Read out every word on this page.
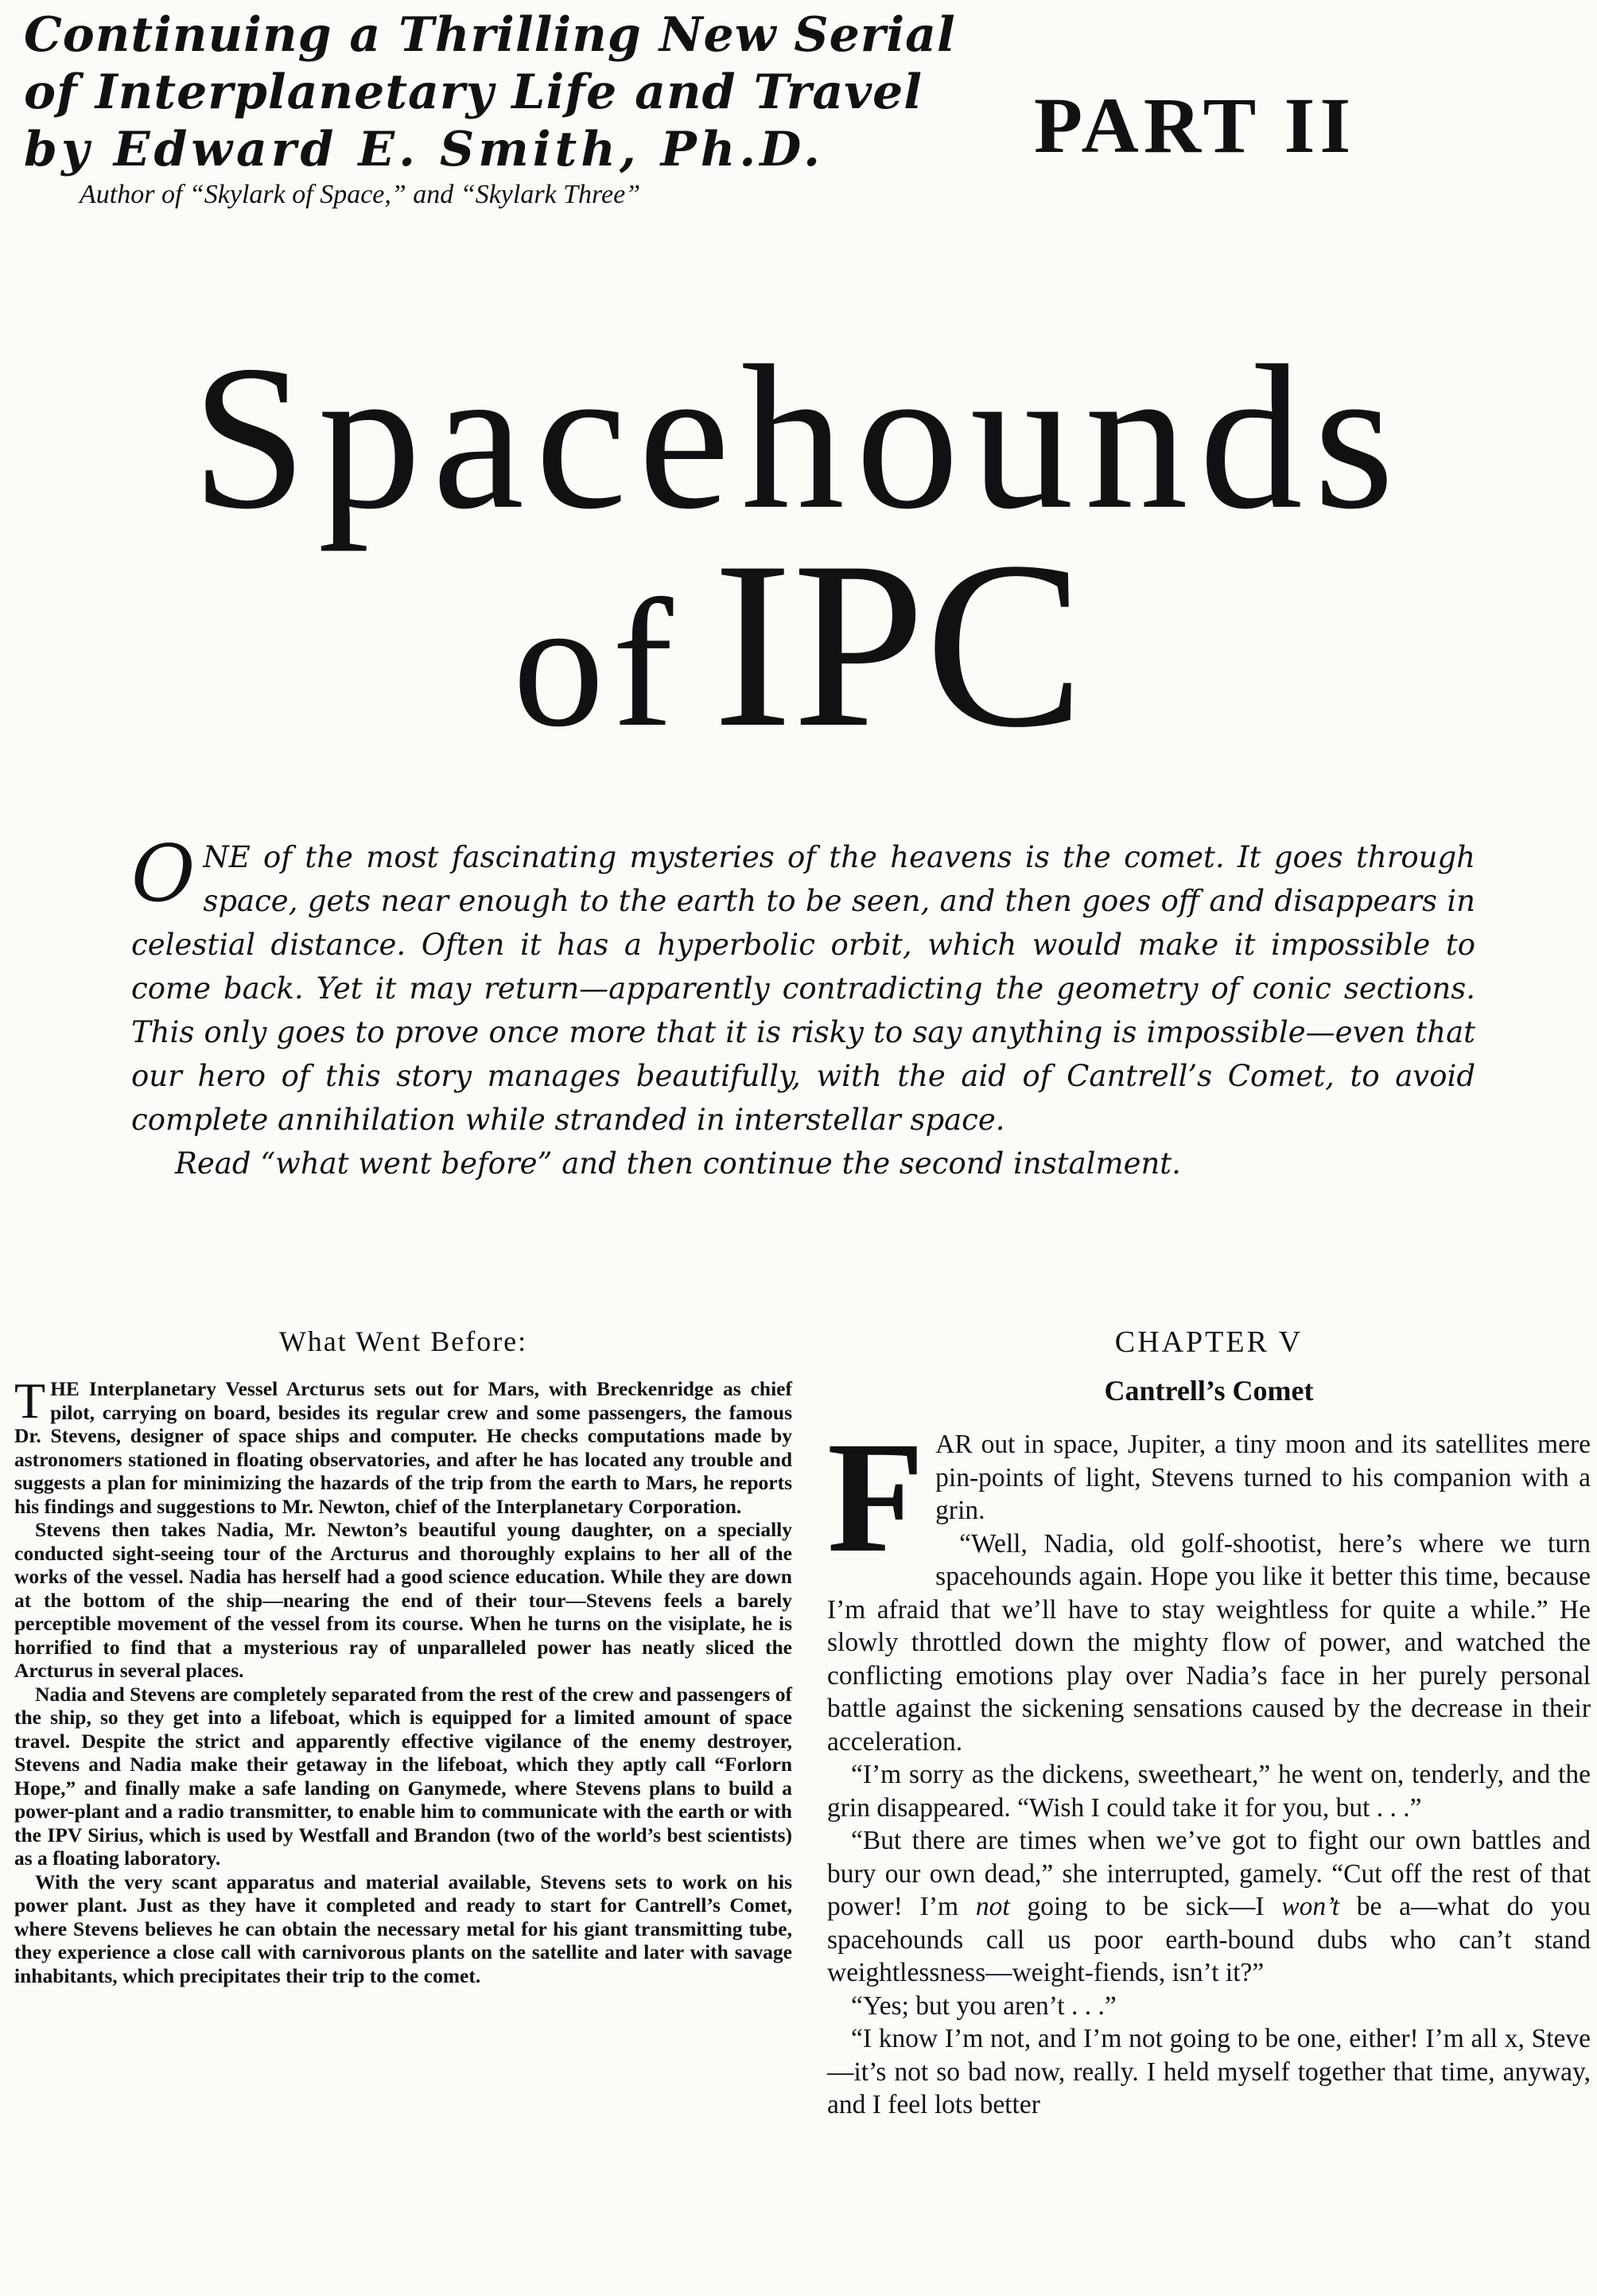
Continuing a Thrilling New Serial
of Interplanetary Life and Travel
by Edward E. Smith, Ph.D.
Author of “Skylark of Space,” and “Skylark Three”
PART II
Spacehounds
of IPC

ONE of the most fascinating mysteries of the heavens is the comet. It goes through space, gets near enough to the earth to be seen, and then goes off and disappears in celestial distance. Often it has a hyperbolic orbit, which would make it impossible to come back. Yet it may return—apparently contradicting the geometry of conic sections. This only goes to prove once more that it is risky to say anything is impossible—even that our hero of this story manages beautifully, with the aid of Cantrell’s Comet, to avoid complete annihilation while stranded in interstellar space.

Read “what went before” and then continue the second instalment.

What Went Before:

THE Interplanetary Vessel Arcturus sets out for Mars, with Breckenridge as chief pilot, carrying on board, besides its regular crew and some passengers, the famous Dr. Stevens, designer of space ships and computer. He checks computations made by astronomers stationed in floating observatories, and after he has located any trouble and suggests a plan for minimizing the hazards of the trip from the earth to Mars, he reports his findings and suggestions to Mr. Newton, chief of the Interplanetary Corporation.

Stevens then takes Nadia, Mr. Newton’s beautiful young daughter, on a specially conducted sight-seeing tour of the Arcturus and thoroughly explains to her all of the works of the vessel. Nadia has herself had a good science education. While they are down at the bottom of the ship—nearing the end of their tour—Stevens feels a barely perceptible movement of the vessel from its course. When he turns on the visiplate, he is horrified to find that a mysterious ray of unparalleled power has neatly sliced the Arcturus in several places.

Nadia and Stevens are completely separated from the rest of the crew and passengers of the ship, so they get into a lifeboat, which is equipped for a limited amount of space travel. Despite the strict and apparently effective vigilance of the enemy destroyer, Stevens and Nadia make their getaway in the lifeboat, which they aptly call “Forlorn Hope,” and finally make a safe landing on Ganymede, where Stevens plans to build a power-plant and a radio transmitter, to enable him to communicate with the earth or with the IPV Sirius, which is used by Westfall and Brandon (two of the world’s best scientists) as a floating laboratory.

With the very scant apparatus and material available, Stevens sets to work on his power plant. Just as they have it completed and ready to start for Cantrell’s Comet, where Stevens believes he can obtain the necessary metal for his giant transmitting tube, they experience a close call with carnivorous plants on the satellite and later with savage inhabitants, which precipitates their trip to the comet.

CHAPTER V
Cantrell’s Comet

FAR out in space, Jupiter, a tiny moon and its satellites mere pin-points of light, Stevens turned to his companion with a grin.

“Well, Nadia, old golf-shootist, here’s where we turn spacehounds again. Hope you like it better this time, because I’m afraid that we’ll have to stay weightless for quite a while.” He slowly throttled down the mighty flow of power, and watched the conflicting emotions play over Nadia’s face in her purely personal battle against the sickening sensations caused by the decrease in their acceleration.

“I’m sorry as the dickens, sweetheart,” he went on, tenderly, and the grin disappeared. “Wish I could take it for you, but . . .”

“But there are times when we’ve got to fight our own battles and bury our own dead,” she interrupted, gamely. “Cut off the rest of that power! I’m not going to be sick—I won’t be a—what do you spacehounds call us poor earth-bound dubs who can’t stand weightlessness—weight-fiends, isn’t it?”

“Yes; but you aren’t . . .”

“I know I’m not, and I’m not going to be one, either! I’m all x, Steve—it’s not so bad now, really. I held myself together that time, anyway, and I feel lots better
